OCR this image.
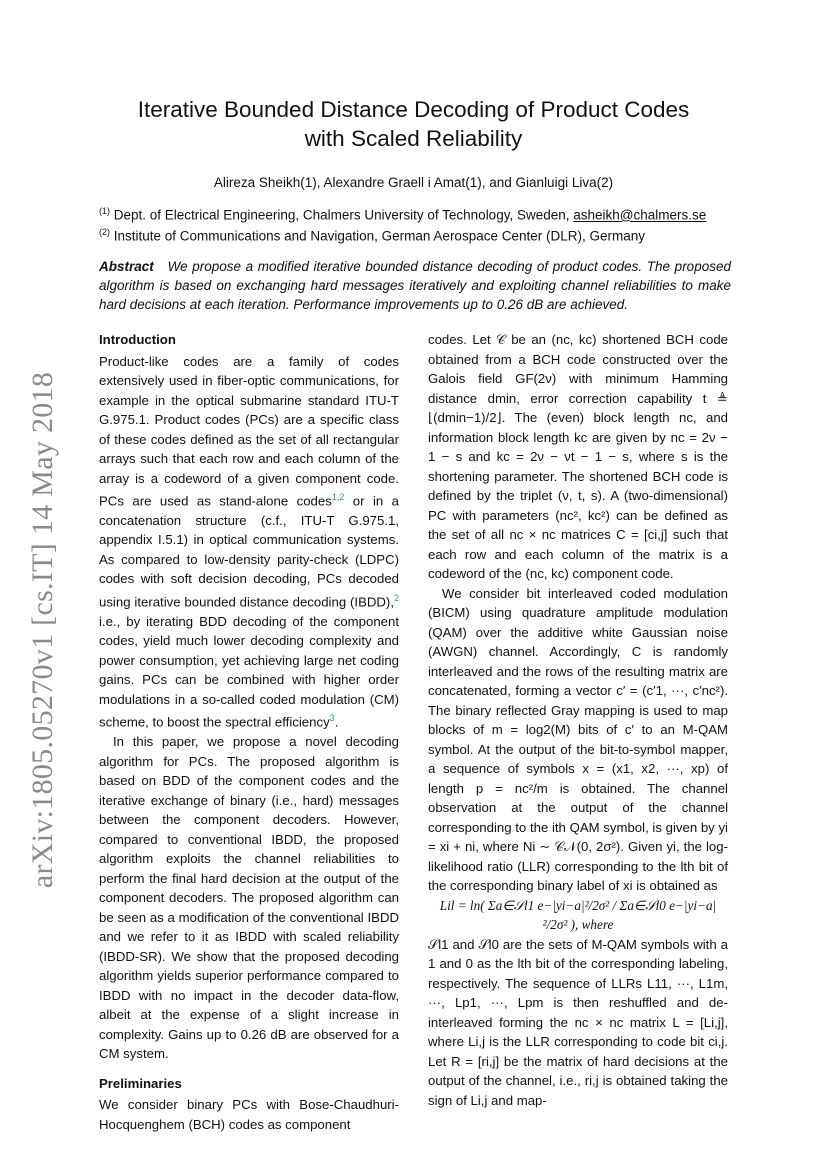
arXiv:1805.05270v1 [cs.IT] 14 May 2018
Iterative Bounded Distance Decoding of Product Codes
with Scaled Reliability
Alireza Sheikh(1), Alexandre Graell i Amat(1), and Gianluigi Liva(2)
$^{(1)}$ Dept. of Electrical Engineering, Chalmers University of Technology, Sweden, asheikh@chalmers.se
$^{(2)}$ Institute of Communications and Navigation, German Aerospace Center (DLR), Germany
Abstract We propose a modified iterative bounded distance decoding of product codes. The proposed algorithm is based on exchanging hard messages iteratively and exploiting channel reliabilities to make hard decisions at each iteration. Performance improvements up to 0.26 dB are achieved.
Introduction

Product-like codes are a family of codes extensively used in fiber-optic communications, for example in the optical submarine standard ITU-T G.975.1. Product codes (PCs) are a specific class of these codes defined as the set of all rectangular arrays such that each row and each column of the array is a codeword of a given component code. PCs are used as stand-alone codes$^{1,2}$ or in a concatenation structure (c.f., ITU-T G.975.1, appendix I.5.1) in optical communication systems. As compared to low-density parity-check (LDPC) codes with soft decision decoding, PCs decoded using iterative bounded distance decoding (IBDD),$^2$ i.e., by iterating BDD decoding of the component codes, yield much lower decoding complexity and power consumption, yet achieving large net coding gains. PCs can be combined with higher order modulations in a so-called coded modulation (CM) scheme, to boost the spectral efficiency$^3$.

In this paper, we propose a novel decoding algorithm for PCs. The proposed algorithm is based on BDD of the component codes and the iterative exchange of binary (i.e., hard) messages between the component decoders. However, compared to conventional IBDD, the proposed algorithm exploits the channel reliabilities to perform the final hard decision at the output of the component decoders. The proposed algorithm can be seen as a modification of the conventional IBDD and we refer to it as IBDD with scaled reliability (IBDD-SR). We show that the proposed decoding algorithm yields superior performance compared to IBDD with no impact in the decoder data-flow, albeit at the expense of a slight increase in complexity. Gains up to 0.26 dB are observed for a CM system.

Preliminaries

We consider binary PCs with Bose-Chaudhuri-Hocquenghem (BCH) codes as component

codes. Let 𝒞 be an (nc, kc) shortened BCH code obtained from a BCH code constructed over the Galois field GF(2ν) with minimum Hamming distance dmin, error correction capability t ≜ ⌊(dmin−1)/2⌋. The (even) block length nc, and information block length kc are given by nc = 2ν − 1 − s and kc = 2ν − νt − 1 − s, where s is the shortening parameter. The shortened BCH code is defined by the triplet (ν, t, s). A (two-dimensional) PC with parameters (nc², kc²) can be defined as the set of all nc × nc matrices C = [ci,j] such that each row and each column of the matrix is a codeword of the (nc, kc) component code.

We consider bit interleaved coded modulation (BICM) using quadrature amplitude modulation (QAM) over the additive white Gaussian noise (AWGN) channel. Accordingly, C is randomly interleaved and the rows of the resulting matrix are concatenated, forming a vector c′ = (c′1, ···, c′nc²). The binary reflected Gray mapping is used to map blocks of m = log2(M) bits of c′ to an M-QAM symbol. At the output of the bit-to-symbol mapper, a sequence of symbols x = (x1, x2, ···, xp) of length p = nc²/m is obtained. The channel observation at the output of the channel corresponding to the ith QAM symbol, is given by yi = xi + ni, where Ni ∼ 𝒞𝒩(0, 2σ²). Given yi, the log-likelihood ratio (LLR) corresponding to the lth bit of the corresponding binary label of xi is obtained as

Lil = ln( Σa∈𝒮l1 e−|yi−a|²/2σ² / Σa∈𝒮l0 e−|yi−a|²/2σ² ), where

𝒮l1 and 𝒮l0 are the sets of M-QAM symbols with a 1 and 0 as the lth bit of the corresponding labeling, respectively. The sequence of LLRs L11, ···, L1m, ···, Lp1, ···, Lpm is then reshuffled and de-interleaved forming the nc × nc matrix L = [Li,j], where Li,j is the LLR corresponding to code bit ci,j. Let R = [ri,j] be the matrix of hard decisions at the output of the channel, i.e., ri,j is obtained taking the sign of Li,j and map-
